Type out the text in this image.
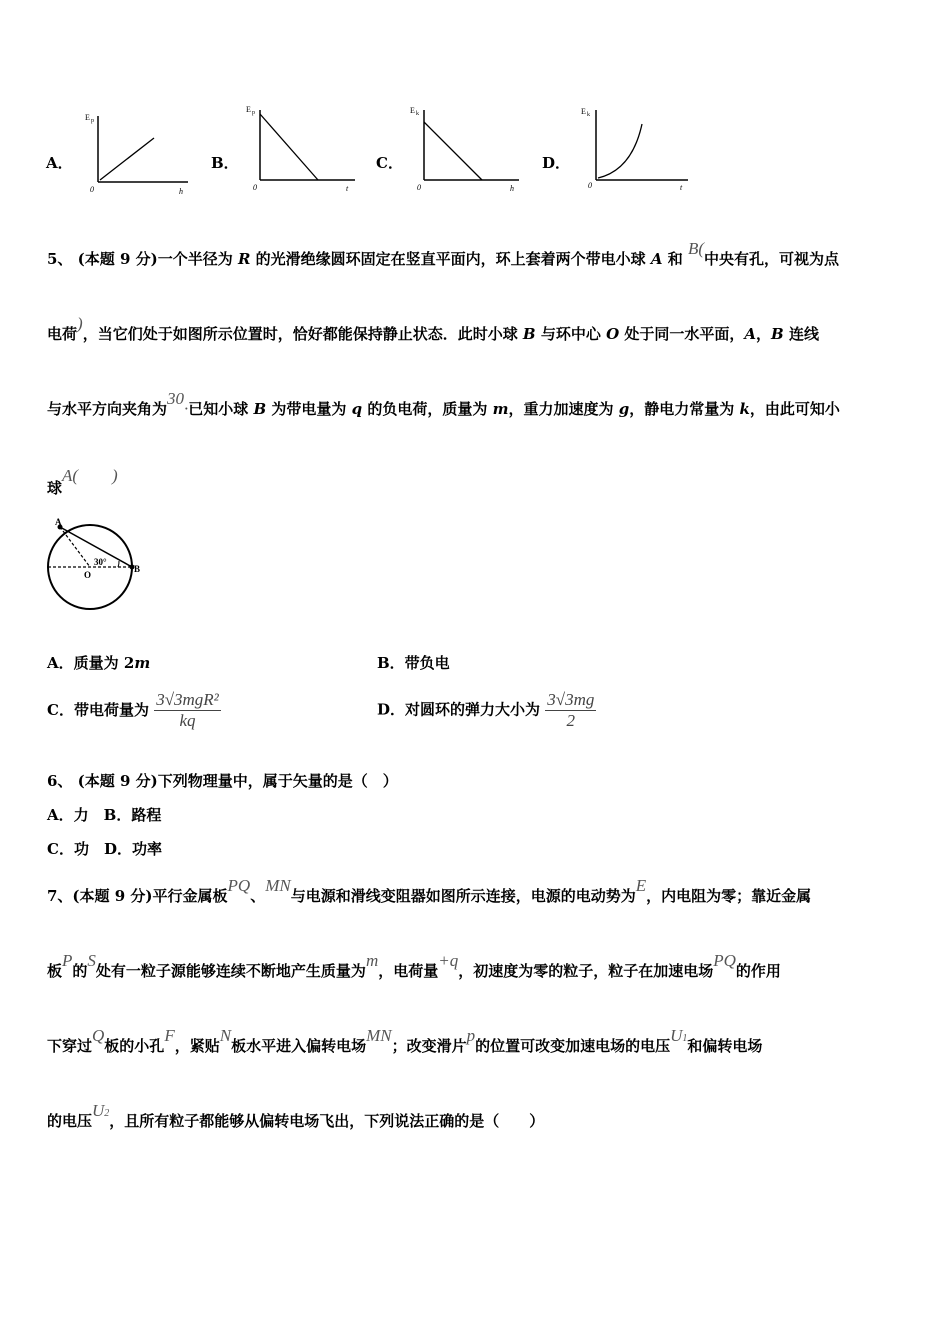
A．
E p
0	h
B．
E p
0	t
C．
E k
0	h
D．
E k
0	t
5、 (本题 9 分)一个半径为 R 的光滑绝缘圆环固定在竖直平面内，环上套着两个带电小球 A 和 B(中央有孔，可视为点
电荷)，当它们处于如图所示位置时，恰好都能保持静止状态．此时小球 B 与环中心 O 处于同一水平面，A，B 连线
与水平方向夹角为30·已知小球 B 为带电量为 q 的负电荷，质量为 m，重力加速度为 g，静电力常量为 k，由此可知小
球A(　　)
A
O
B
30°
A．质量为 2m	B．带负电
C．带电荷量为 $\frac{\text{3√3mgR²}}{kq}$	D．对圆环的弹力大小为 $\frac{3√3mg}{2}$
6、 (本题 9 分)下列物理量中，属于矢量的是（　）
A．力　B．路程
C．功　D．功率
7、(本题 9 分)平行金属板PQ、MN与电源和滑线变阻器如图所示连接，电源的电动势为E，内电阻为零；靠近金属
板P的S处有一粒子源能够连续不断地产生质量为m，电荷量+q，初速度为零的粒子，粒子在加速电场PQ的作用
下穿过Q板的小孔F，紧贴N板水平进入偏转电场MN；改变滑片p的位置可改变加速电场的电压U1和偏转电场
的电压U2，且所有粒子都能够从偏转电场飞出，下列说法正确的是（　　）
